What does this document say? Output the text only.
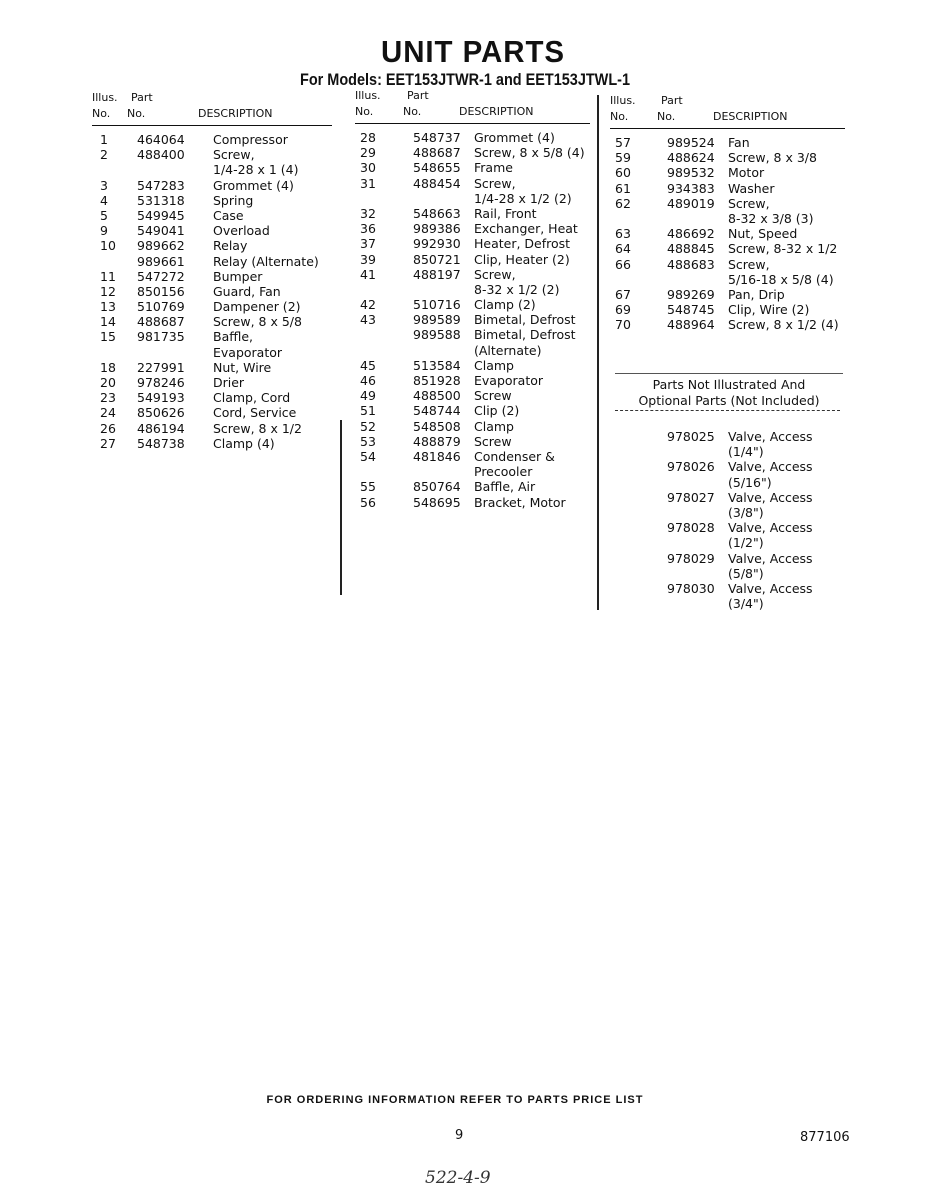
UNIT PARTS
For Models: EET153JTWR-1 and EET153JTWL-1
Illus. Part
No. No.	DESCRIPTION
1 464064 Compressor
2 488400 Screw,
1/4-28 x 1 (4)
3 547283 Grommet (4)
4 531318 Spring
5 549945 Case
9 549041 Overload
10 989662 Relay
989661 Relay (Alternate)
11 547272 Bumper
12 850156 Guard, Fan
13 510769 Dampener (2)
14 488687 Screw, 8 x 5/8
15 981735 Baffle,
Evaporator
18 227991 Nut, Wire
20 978246 Drier
23 549193 Clamp, Cord
24 850626 Cord, Service
26 486194 Screw, 8 x 1/2
27 548738 Clamp (4)
Illus. Part
No.	No.	DESCRIPTION
28	548737 Grommet (4)
29	488687 Screw, 8 x 5/8 (4)
30	548655 Frame
31	488454 Screw,
1/4-28 x 1/2 (2)
32	548663 Rail, Front
36	989386 Exchanger, Heat
37	992930 Heater, Defrost
39	850721 Clip, Heater (2)
41	488197 Screw,
8-32 x 1/2 (2)
42	510716 Clamp (2)
43	989589 Bimetal, Defrost
989588 Bimetal, Defrost
(Alternate)
45	513584 Clamp
46	851928 Evaporator
49	488500 Screw
51	548744 Clip (2)
52	548508 Clamp
53	488879 Screw
54	481846 Condenser &
Precooler
55	850764 Baffle, Air
56	548695 Bracket, Motor
Illus. Part
No.	No.	DESCRIPTION
57	989524 Fan
59	488624 Screw, 8 x 3/8
60	989532 Motor
61	934383 Washer
62	489019 Screw,
8-32 x 3/8 (3)
63	486692 Nut, Speed
64	488845 Screw, 8-32 x 1/2
66	488683 Screw,
5/16-18 x 5/8 (4)
67	989269 Pan, Drip
69	548745 Clip, Wire (2)
70	488964 Screw, 8 x 1/2 (4)
Parts Not Illustrated And
Optional Parts (Not Included)
978025 Valve, Access
(1/4")
978026 Valve, Access
(5/16")
978027 Valve, Access
(3/8")
978028 Valve, Access
(1/2")
978029 Valve, Access
(5/8")
978030 Valve, Access
(3/4")
FOR ORDERING INFORMATION REFER TO PARTS PRICE LIST
9	877106
522-4-9
